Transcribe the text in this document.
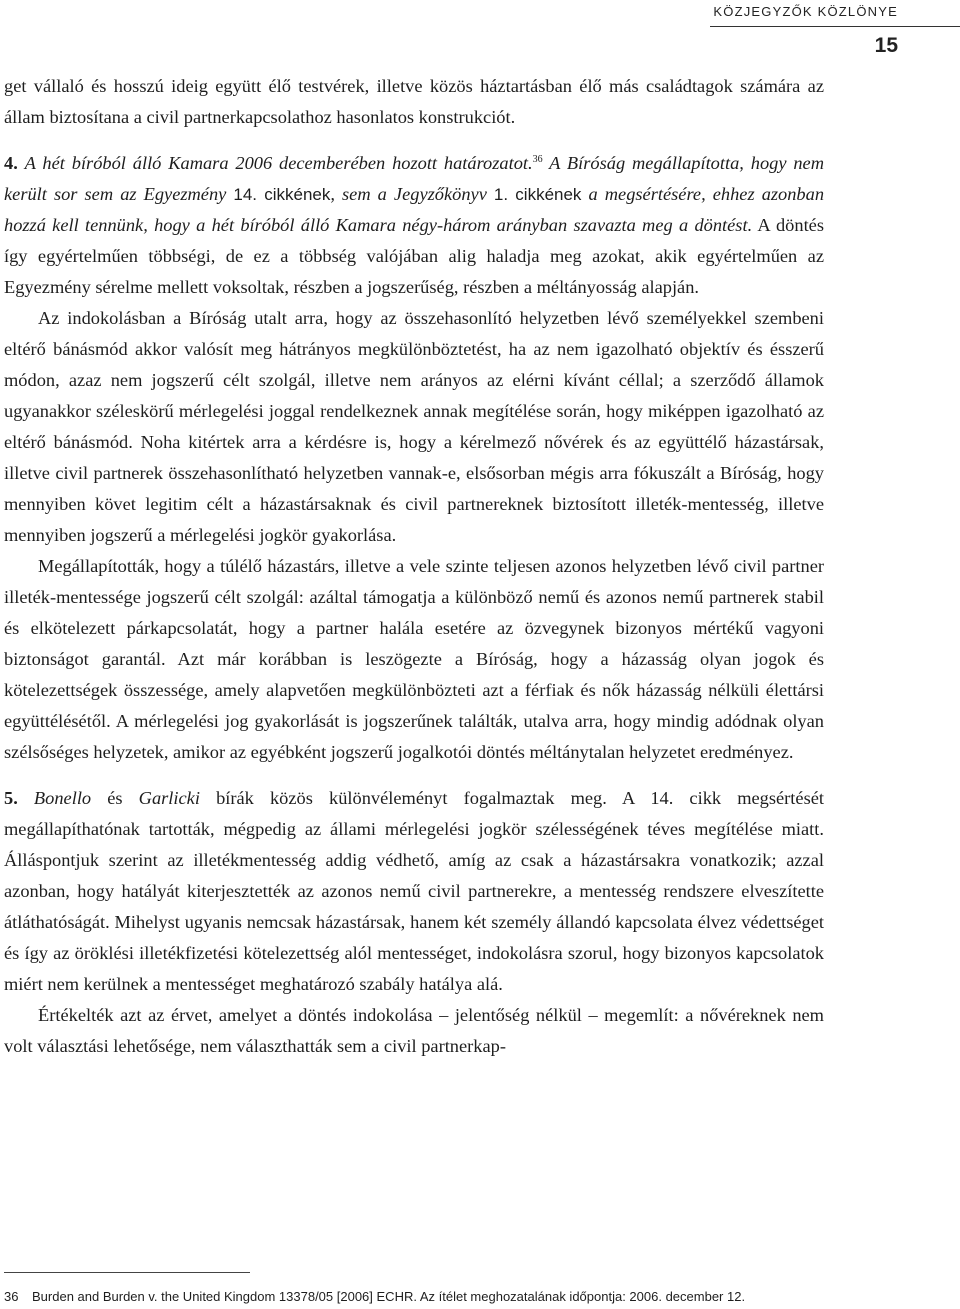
KÖZJEGYZŐK KÖZLÖNYE
15

get vállaló és hosszú ideig együtt élő testvérek, illetve közös háztartásban élő más családtagok számára az állam biztosítana a civil partnerkapcsolathoz hasonlatos konstrukciót.

4. A hét bíróból álló Kamara 2006 decemberében hozott határozatot.$^{36}$ A Bíróság megállapította, hogy nem került sor sem az Egyezmény 14. cikkének, sem a Jegyzőkönyv 1. cikkének a megsértésére, ehhez azonban hozzá kell tennünk, hogy a hét bíróból álló Kamara négy-három arányban szavazta meg a döntést. A döntés így egyértelműen többségi, de ez a többség valójában alig haladja meg azokat, akik egyértelműen az Egyezmény sérelme mellett voksoltak, részben a jogszerűség, részben a méltányosság alapján.

Az indokolásban a Bíróság utalt arra, hogy az összehasonlító helyzetben lévő személyekkel szembeni eltérő bánásmód akkor valósít meg hátrányos megkülönböztetést, ha az nem igazolható objektív és ésszerű módon, azaz nem jogszerű célt szolgál, illetve nem arányos az elérni kívánt céllal; a szerződő államok ugyanakkor széleskörű mérlegelési joggal rendelkeznek annak megítélése során, hogy miképpen igazolható az eltérő bánásmód. Noha kitértek arra a kérdésre is, hogy a kérelmező nővérek és az együttélő házastársak, illetve civil partnerek összehasonlítható helyzetben vannak-e, elsősorban mégis arra fókuszált a Bíróság, hogy mennyiben követ legitim célt a házastársaknak és civil partnereknek biztosított illeték-mentesség, illetve mennyiben jogszerű a mérlegelési jogkör gyakorlása.

Megállapították, hogy a túlélő házastárs, illetve a vele szinte teljesen azonos helyzetben lévő civil partner illeték-mentessége jogszerű célt szolgál: azáltal támogatja a különböző nemű és azonos nemű partnerek stabil és elkötelezett párkapcsolatát, hogy a partner halála esetére az özvegynek bizonyos mértékű vagyoni biztonságot garantál. Azt már korábban is leszögezte a Bíróság, hogy a házasság olyan jogok és kötelezettségek összessége, amely alapvetően megkülönbözteti azt a férfiak és nők házasság nélküli élettársi együttélésétől. A mérlegelési jog gyakorlását is jogszerűnek találták, utalva arra, hogy mindig adódnak olyan szélsőséges helyzetek, amikor az egyébként jogszerű jogalkotói döntés méltánytalan helyzetet eredményez.

5. Bonello és Garlicki bírák közös különvéleményt fogalmaztak meg. A 14. cikk megsértését megállapíthatónak tartották, mégpedig az állami mérlegelési jogkör szélességének téves megítélése miatt. Álláspontjuk szerint az illetékmentesség addig védhető, amíg az csak a házastársakra vonatkozik; azzal azonban, hogy hatályát kiterjesztették az azonos nemű civil partnerekre, a mentesség rendszere elveszítette átláthatóságát. Mihelyst ugyanis nemcsak házastársak, hanem két személy állandó kapcsolata élvez védettséget és így az öröklési illetékfizetési kötelezettség alól mentességet, indokolásra szorul, hogy bizonyos kapcsolatok miért nem kerülnek a mentességet meghatározó szabály hatálya alá.

Értékelték azt az érvet, amelyet a döntés indokolása – jelentőség nélkül – megemlít: a nővéreknek nem volt választási lehetősége, nem választhatták sem a civil partnerkap-

36 Burden and Burden v. the United Kingdom 13378/05 [2006] ECHR. Az ítélet meghozatalának időpontja: 2006. december 12.
